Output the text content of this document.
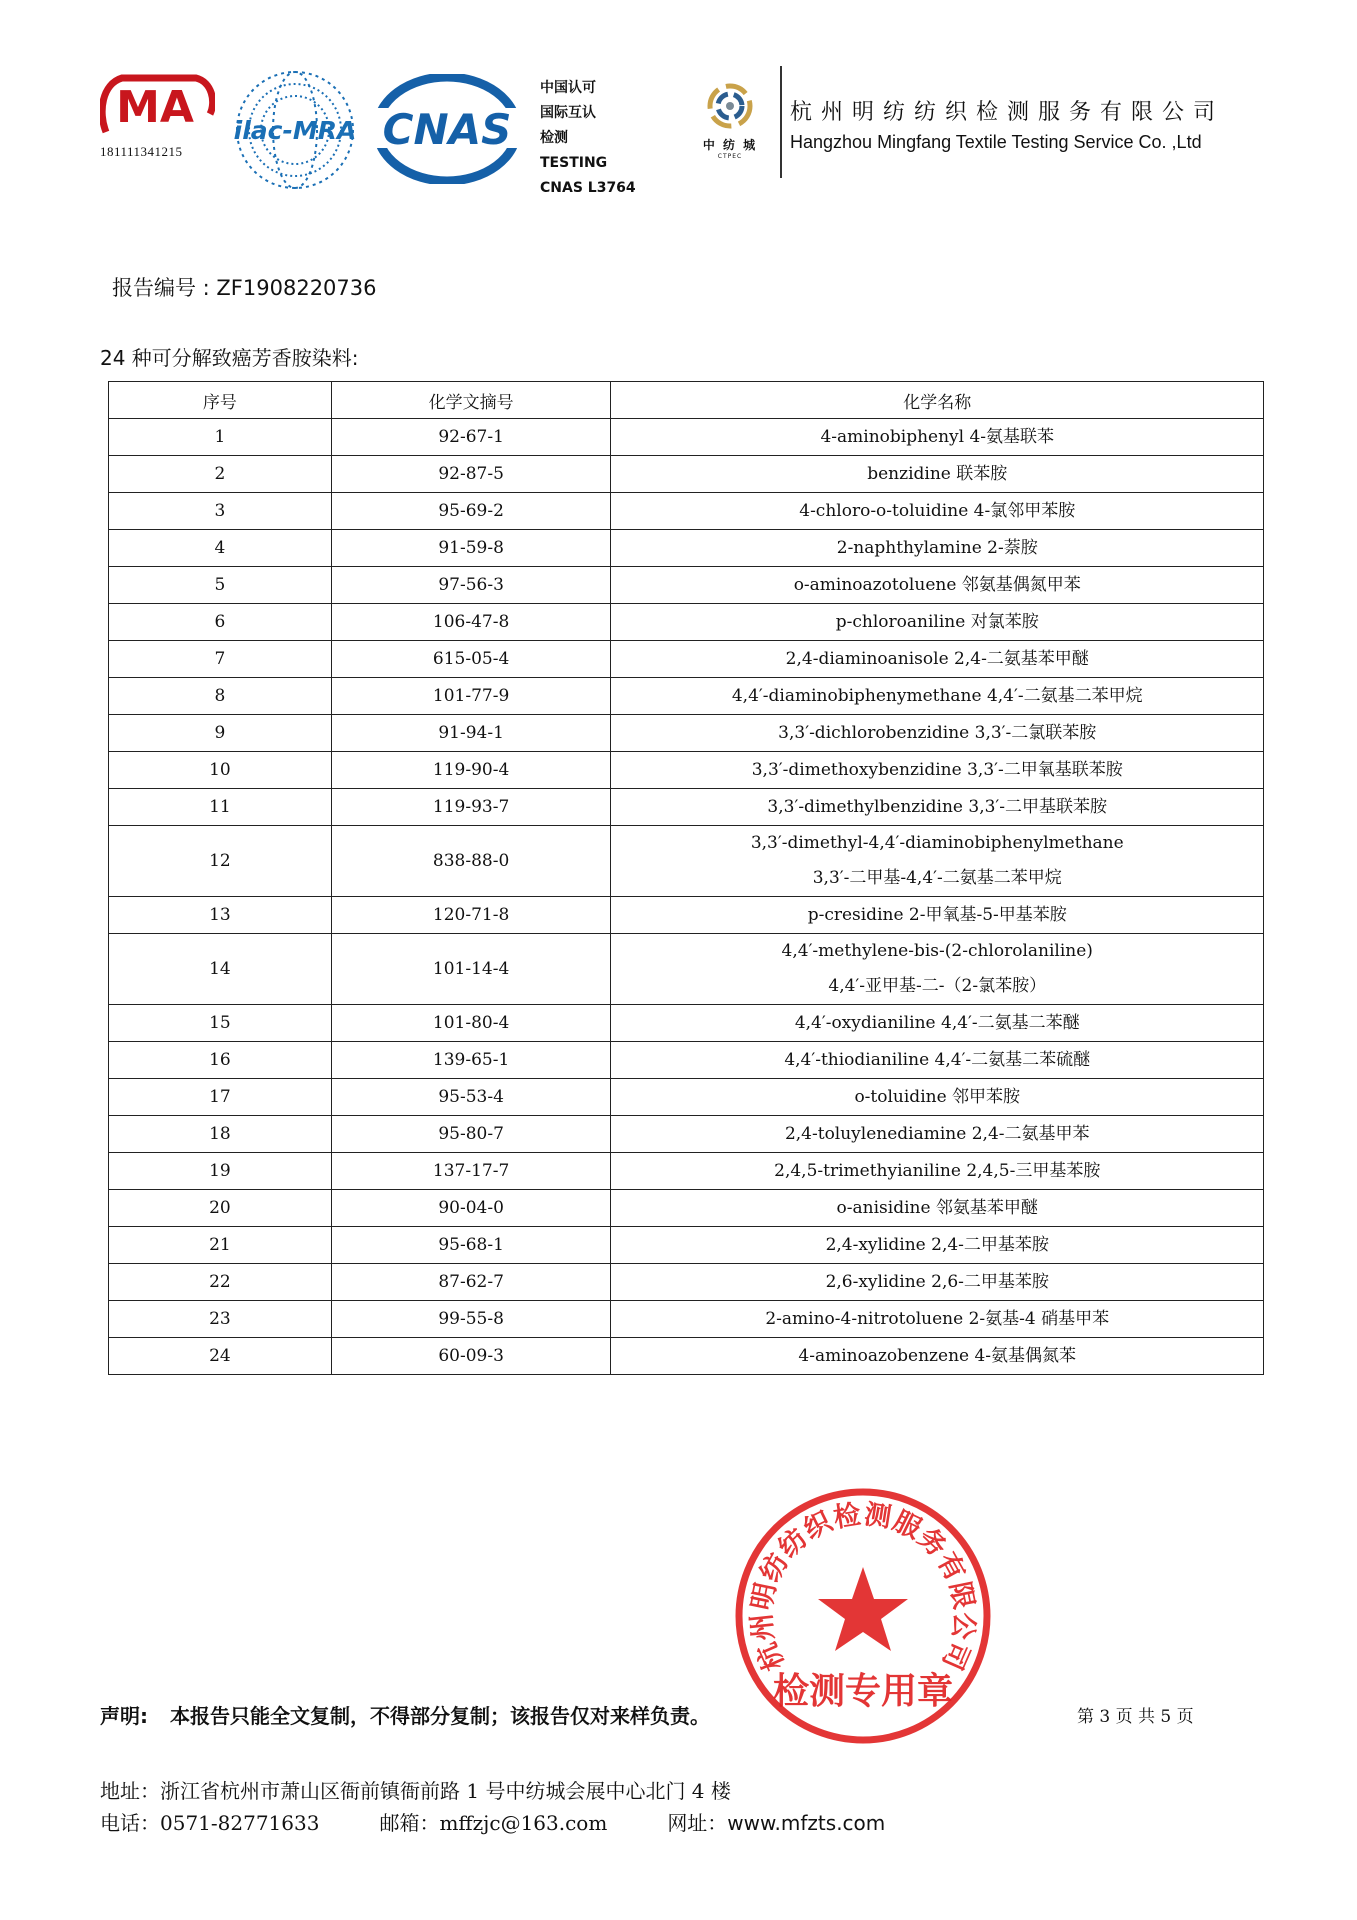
MA
181111341215
ilac-MRA CNAS
中国认可
国际互认
检测
TESTING
CNAS L3764
中 纺 城
CTPEC
杭州明纺纺织检测服务有限公司
Hangzhou Mingfang Textile Testing Service Co. ,Ltd
报告编号 : ZF1908220736
24 种可分解致癌芳香胺染料:
序号	化学文摘号	化学名称
1	92-67-1	4-aminobiphenyl 4-氨基联苯

2	92-87-5	benzidine 联苯胺

3	95-69-2	4-chloro-o-toluidine 4-氯邻甲苯胺

4	91-59-8	2-naphthylamine 2-萘胺

5	97-56-3	o-aminoazotoluene 邻氨基偶氮甲苯

6	106-47-8	p-chloroaniline 对氯苯胺

7	615-05-4	2,4-diaminoanisole 2,4-二氨基苯甲醚

8	101-77-9	4,4′-diaminobiphenymethane 4,4′-二氨基二苯甲烷

9	91-94-1	3,3′-dichlorobenzidine 3,3′-二氯联苯胺

10	119-90-4	3,3′-dimethoxybenzidine 3,3′-二甲氧基联苯胺

11	119-93-7	3,3′-dimethylbenzidine 3,3′-二甲基联苯胺

12	838-88-0	3,3′-dimethyl-4,4′-diaminobiphenylmethane
3,3′-二甲基-4,4′-二氨基二苯甲烷

13	120-71-8	p-cresidine 2-甲氧基-5-甲基苯胺

14	101-14-4	4,4′-methylene-bis-(2-chlorolaniline)
4,4′-亚甲基-二-（2-氯苯胺）

15	101-80-4	4,4′-oxydianiline 4,4′-二氨基二苯醚

16	139-65-1	4,4′-thiodianiline 4,4′-二氨基二苯硫醚

17	95-53-4	o-toluidine 邻甲苯胺

18	95-80-7	2,4-toluylenediamine 2,4-二氨基甲苯

19	137-17-7	2,4,5-trimethyianiline 2,4,5-三甲基苯胺

20	90-04-0	o-anisidine 邻氨基苯甲醚

21	95-68-1	2,4-xylidine 2,4-二甲基苯胺

22	87-62-7	2,6-xylidine 2,6-二甲基苯胺

23	99-55-8	2-amino-4-nitrotoluene 2-氨基-4 硝基甲苯

24	60-09-3	4-aminoazobenzene 4-氨基偶氮苯
杭州明纺纺织检测服务有限公司
检测专用章
声明: 本报告只能全文复制，不得部分复制；该报告仅对来样负责。	第 3 页 共 5 页
地址：浙江省杭州市萧山区衙前镇衙前路 1 号中纺城会展中心北门 4 楼
电话：0571-82771633	邮箱：mffzjc@163.com	网址：www.mfzts.com
